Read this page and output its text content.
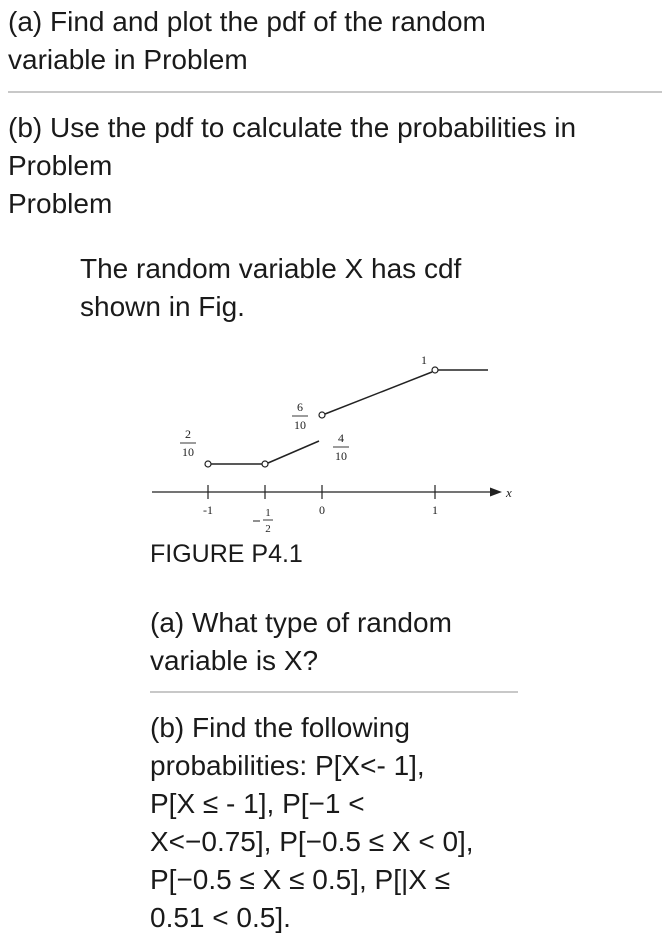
(a) Find and plot the pdf of the random
variable in Problem
(b) Use the pdf to calculate the probabilities in
Problem
Problem
The random variable X has cdf
shown in Fig.
x
-1	1
2
0	1
2
10
6
10
4
10
1
FIGURE P4.1
(a) What type of random
variable is X?
(b) Find the following
probabilities: P[X<- 1],
P[X ≤ - 1], P[−1 <
X<−0.75], P[−0.5 ≤ X < 0],
P[−0.5 ≤ X ≤ 0.5], P[|X ≤
0.51 < 0.5].
